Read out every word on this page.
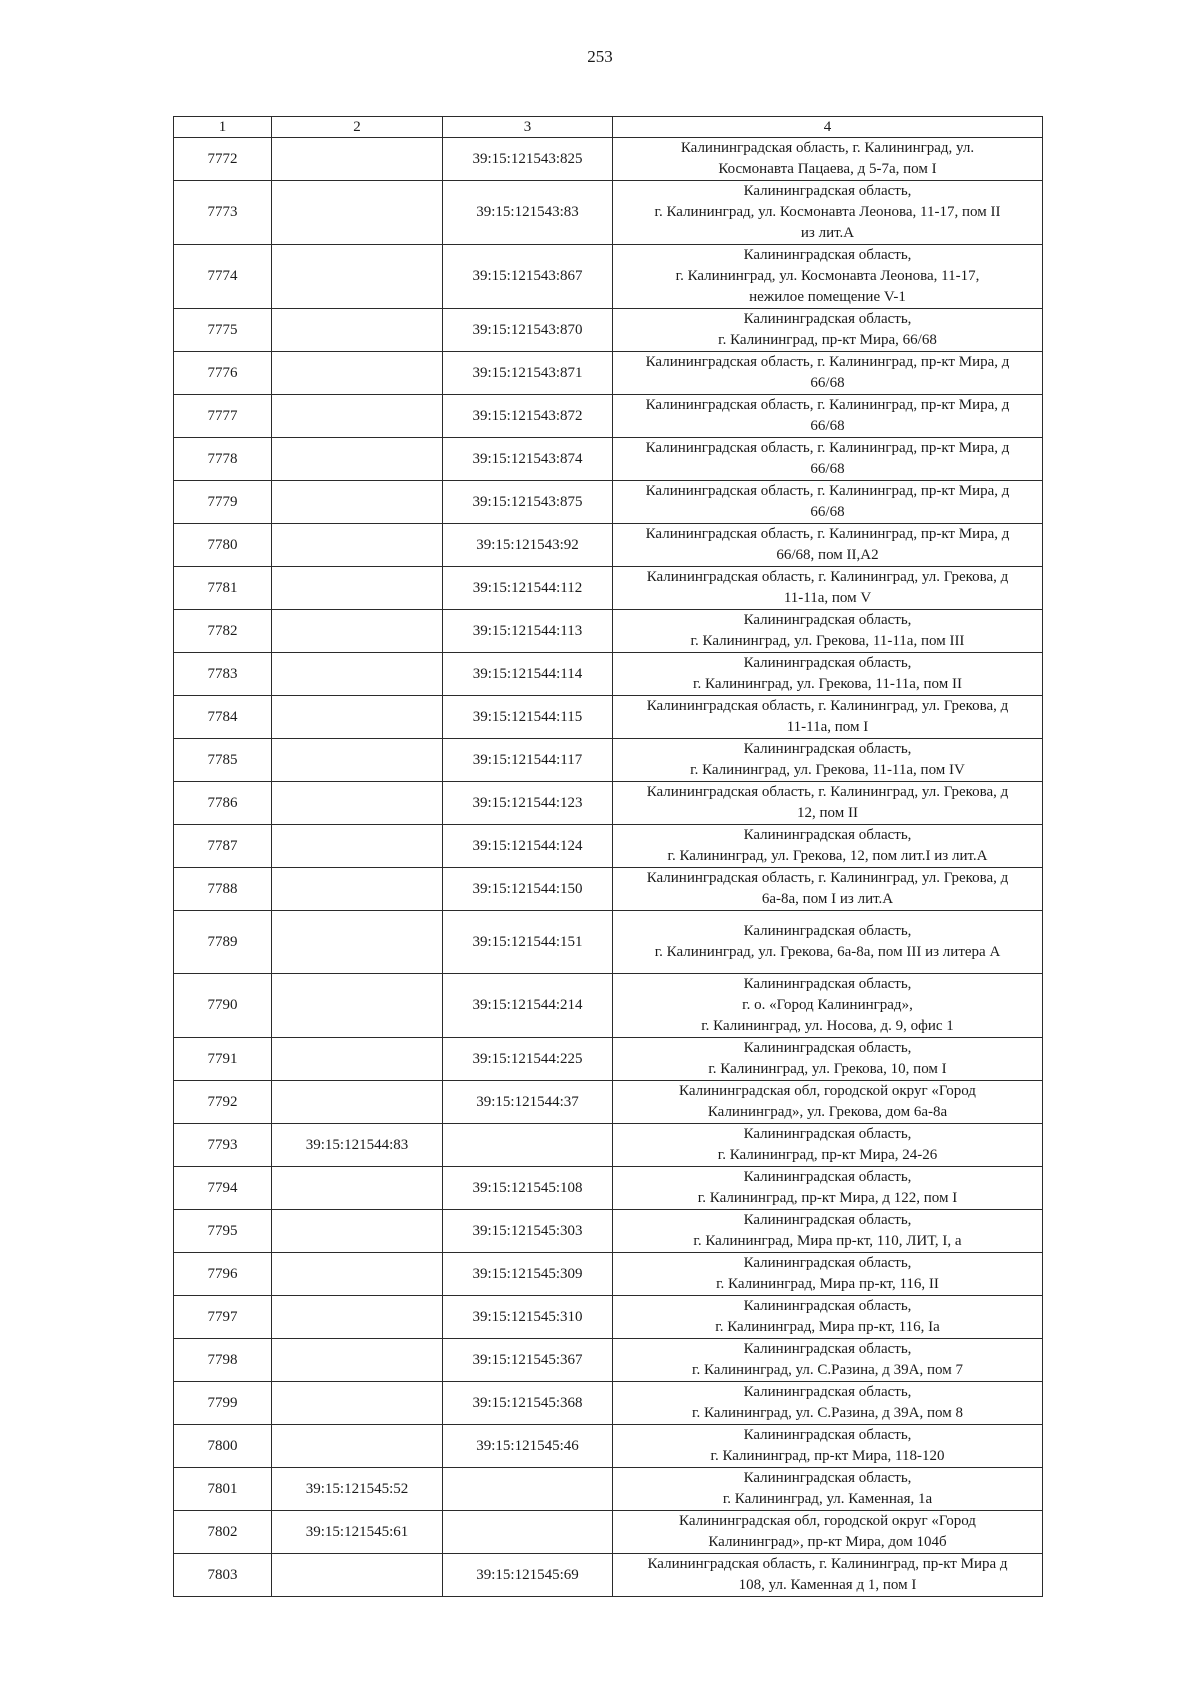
253
1	2	3	4
7772		39:15:121543:825	Калининградская область, г. Калининград, ул.
Космонавта Пацаева, д 5-7а, пом I
7773		39:15:121543:83	Калининградская область,
г. Калининград, ул. Космонавта Леонова, 11-17, пом II
из лит.А
7774		39:15:121543:867	Калининградская область,
г. Калининград, ул. Космонавта Леонова, 11-17,
нежилое помещение V-1
7775		39:15:121543:870	Калининградская область,
г. Калининград, пр-кт Мира, 66/68
7776		39:15:121543:871	Калининградская область, г. Калининград, пр-кт Мира, д
66/68
7777		39:15:121543:872	Калининградская область, г. Калининград, пр-кт Мира, д
66/68
7778		39:15:121543:874	Калининградская область, г. Калининград, пр-кт Мира, д
66/68
7779		39:15:121543:875	Калининградская область, г. Калининград, пр-кт Мира, д
66/68
7780		39:15:121543:92	Калининградская область, г. Калининград, пр-кт Мира, д
66/68, пом II,А2
7781		39:15:121544:112	Калининградская область, г. Калининград, ул. Грекова, д
11-11а, пом V
7782		39:15:121544:113	Калининградская область,
г. Калининград, ул. Грекова, 11-11а, пом III
7783		39:15:121544:114	Калининградская область,
г. Калининград, ул. Грекова, 11-11а, пом II
7784		39:15:121544:115	Калининградская область, г. Калининград, ул. Грекова, д
11-11а, пом I
7785		39:15:121544:117	Калининградская область,
г. Калининград, ул. Грекова, 11-11а, пом IV
7786		39:15:121544:123	Калининградская область, г. Калининград, ул. Грекова, д
12, пом II
7787		39:15:121544:124	Калининградская область,
г. Калининград, ул. Грекова, 12, пом лит.I из лит.А
7788		39:15:121544:150	Калининградская область, г. Калининград, ул. Грекова, д
6а-8а, пом I из лит.А
7789		39:15:121544:151	Калининградская область,
г. Калининград, ул. Грекова, 6а-8а, пом III из литера А
7790		39:15:121544:214	Калининградская область,
г. о. «Город Калининград»,
г. Калининград, ул. Носова, д. 9, офис 1
7791		39:15:121544:225	Калининградская область,
г. Калининград, ул. Грекова, 10, пом I
7792		39:15:121544:37	Калининградская обл, городской округ «Город
Калининград», ул. Грекова, дом 6а-8а
7793	39:15:121544:83		Калининградская область,
г. Калининград, пр-кт Мира, 24-26
7794		39:15:121545:108	Калининградская область,
г. Калининград, пр-кт Мира, д 122, пом I
7795		39:15:121545:303	Калининградская область,
г. Калининград, Мира пр-кт, 110, ЛИТ, I, а
7796		39:15:121545:309	Калининградская область,
г. Калининград, Мира пр-кт, 116, II
7797		39:15:121545:310	Калининградская область,
г. Калининград, Мира пр-кт, 116, Iа
7798		39:15:121545:367	Калининградская область,
г. Калининград, ул. С.Разина, д 39А, пом 7
7799		39:15:121545:368	Калининградская область,
г. Калининград, ул. С.Разина, д 39А, пом 8
7800		39:15:121545:46	Калининградская область,
г. Калининград, пр-кт Мира, 118-120
7801	39:15:121545:52		Калининградская область,
г. Калининград, ул. Каменная, 1а
7802	39:15:121545:61		Калининградская обл, городской округ «Город
Калининград», пр-кт Мира, дом 104б
7803		39:15:121545:69	Калининградская область, г. Калининград, пр-кт Мира д
108, ул. Каменная д 1, пом I
